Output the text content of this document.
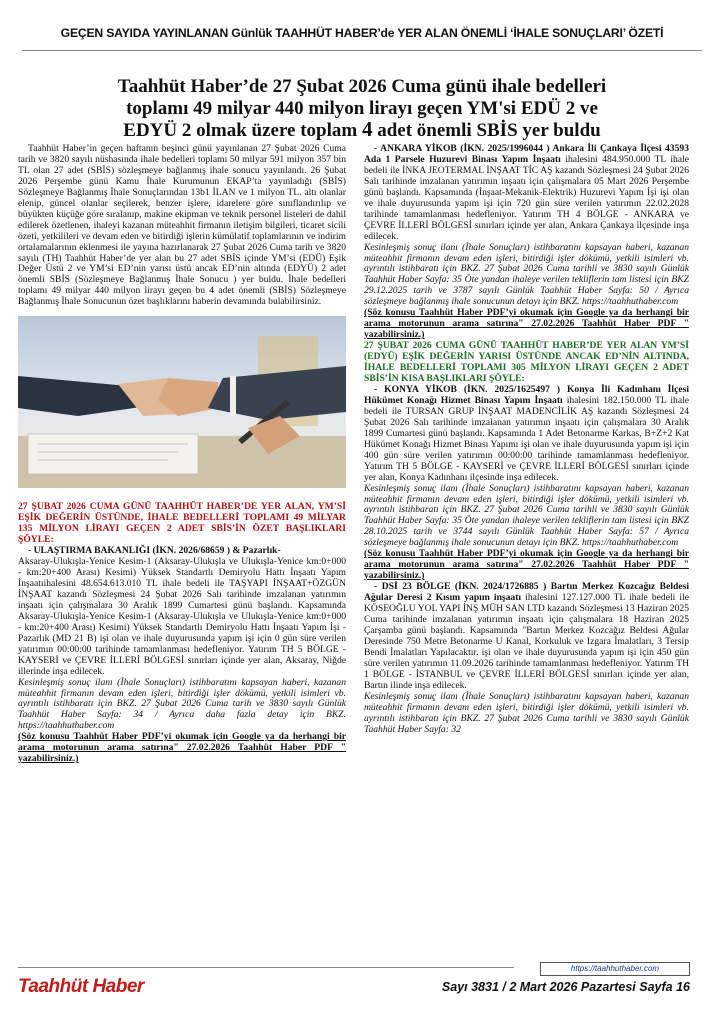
GEÇEN SAYIDA YAYINLANAN Günlük TAAHHÜT HABER’de YER ALAN ÖNEMLİ ‘İHALE SONUÇLARI’ ÖZETİ
Taahhüt Haber’de 27 Şubat 2026 Cuma günü ihale bedelleri
toplamı 49 milyar 440 milyon lirayı geçen YM'si EDÜ 2 ve
EDYÜ 2 olmak üzere toplam 4 adet önemli SBİS yer buldu

Taahhüt Haber’in geçen haftanın beşinci günü yayınlanan 27 Şubat 2026 Cuma tarih ve 3820 sayılı nüshasında ihale bedelleri toplamı 50 milyar 591 milyon 357 bin TL olan 27 adet (SBİS) sözleşmeye bağlanmış ihale sonucu yayınlandı. 26 Şubat 2026 Perşembe günü Kamu İhale Kurumunun EKAP’ta yayınladığı (SBİS) Sözleşmeye Bağlanmış İhale Sonuçlarından 13b1 İLAN ve 1 milyon TL. altı olanlar elenip, güncel olanlar seçilerek, benzer işlere, idarelere göre sınıflandırılıp ve büyükten küçüğe göre sıralanıp, makine ekipman ve teknik personel listeleri de dahil edilerek özetlenen, ihaleyi kazanan müteahhit firmanın iletişim bilgileri, ticaret sicili özeti, yetkilileri ve devam eden ve bitirdiği işlerin kümülatif toplamlarının ve indirim ortalamalarının eklenmesi ile yayına hazırlanarak 27 Şubat 2026 Cuma tarih ve 3820 sayılı (TH) Taahhüt Haber’de yer alan bu 27 adet SBİS içinde YM’si (EDÜ) Eşik Değer Üstü 2 ve YM’si ED’nin yarısı üstü ancak ED’nin altında (EDYÜ) 2 adet önemli SBİS (Sözleşmeye Bağlanmış İhale Sonucu ) yer buldu. İhale bedelleri toplamı 49 milyar 440 milyon lirayı geçen bu 4 adet önemli (SBİS) Sözleşmeye Bağlanmış İhale Sonucunun özet başlıklarını haberin devamında bulabilirsiniz.

27 ŞUBAT 2026 CUMA GÜNÜ TAAHHÜT HABER’DE YER ALAN, YM’Sİ EŞİK DEĞERİN ÜSTÜNDE, İHALE BEDELLERİ TOPLAMI 49 MİLYAR 135 MİLYON LİRAYI GEÇEN 2 ADET SBİS’İN ÖZET BAŞLIKLARI ŞÖYLE:

- ULAŞTIRMA BAKANLIĞI (İKN. 2026/68659 ) & Pazarlık-

Aksaray-Ulukışla-Yenice Kesim-1 (Aksaray-Ulukışla ve Ulukışla-Yenice km:0+000 - km:20+400 Arası) Kesimi) Yüksek Standartlı Demiryolu Hattı İnşaatı Yapım İnşaatıihalesini 48.654.613.010 TL ihale bedeli ile TAŞYAPI İNŞAAT+ÖZGÜN İNŞAAT kazandı Sözleşmesi 24 Şubat 2026 Salı tarihinde imzalanan yatırımın inşaatı için çalışmalara 30 Aralık 1899 Cumartesi günü başlandı. Kapsamında Aksaray-Ulukışla-Yenice Kesim-1 (Aksaray-Ulukışla ve Ulukışla-Yenice km:0+000 - km:20+400 Arası) Kesimi) Yüksek Standartlı Demiryolu Hattı İnşaatı Yapım İşi - Pazarlık (MD 21 B) işi olan ve ihale duyurusunda yapım işi için 0 gün süre verilen yatırımın 00:00:00 tarihinde tamamlanması hedefleniyor. Yatırım TH 5 BÖLGE - KAYSERİ ve ÇEVRE İLLERİ BÖLGESİ sınırları içinde yer alan, Aksaray, Niğde illerinde inşa edilecek.

Kesinleşmiş sonuç ilanı (İhale Sonuçları) istihbaratını kapsayan haberi, kazanan müteahhit firmanın devam eden işleri, bitirdiği işler dökümü, yetkili isimleri vb. ayrıntılı istihbaratı için BKZ. 27 Şubat 2026 Cuma tarih ve 3830 sayılı Günlük Taahhüt Haber Sayfa: 34 / Ayrıca daha fazla detay için BKZ. https://taahhuthaber.com

(Söz konusu Taahhüt Haber PDF’yi okumak için Google ya da herhangi bir arama motorunun arama satırına" 27.02.2026 Taahhüt Haber PDF " yazabilirsiniz.)

- ANKARA YİKOB (İKN. 2025/1996044 ) Ankara İli Çankaya İlçesi 43593 Ada 1 Parsele Huzurevi Binası Yapım İnşaatı ihalesini 484.950.000 TL ihale bedeli ile İNKA JEOTERMAL İNŞAAT TİC AŞ kazandı Sözleşmesi 24 Şubat 2026 Salı tarihinde imzalanan yatırımın inşaatı için çalışmalara 05 Mart 2026 Perşembe günü başlandı. Kapsamında (İnşaat-Mekanik-Elektrik) Huzurevi Yapım İşi işi olan ve ihale duyurusunda yapım işi için 720 gün süre verilen yatırımın 22.02.2028 tarihinde tamamlanması hedefleniyor. Yatırım TH 4 BÖLGE - ANKARA ve ÇEVRE İLLERİ BÖLGESİ sınırları içinde yer alan, Ankara Çankaya ilçesinde inşa edilecek.

Kesinleşmiş sonuç ilanı (İhale Sonuçları) istihbaratını kapsayan haberi, kazanan müteahhit firmanın devam eden işleri, bitirdiği işler dökümü, yetkili isimleri vb. ayrıntılı istihbaratı için BKZ. 27 Şubat 2026 Cuma tarihli ve 3830 sayılı Günlük Taahhüt Haber Sayfa: 35 Öte yandan ihaleye verilen tekliflerin tam listesi için BKZ 29.12.2025 tarih ve 3787 sayılı Günlük Taahhüt Haber Sayfa: 50 / Ayrıca sözleşmeye bağlanmış ihale sonucunun detayı için BKZ. https://taahhuthaber.com

(Söz konusu Taahhüt Haber PDF’yi okumak için Google ya da herhangi bir arama motorunun arama satırına" 27.02.2026 Taahhüt Haber PDF " yazabilirsiniz.)

27 ŞUBAT 2026 CUMA GÜNÜ TAAHHÜT HABER’DE YER ALAN YM’Sİ (EDYÜ) EŞİK DEĞERİN YARISI ÜSTÜNDE ANCAK ED’NİN ALTINDA, İHALE BEDELLERİ TOPLAMI 305 MİLYON LİRAYI GEÇEN 2 ADET SBİS’İN KISA BAŞLIKLARI ŞÖYLE:

- KONYA YİKOB (İKN. 2025/1625497 ) Konya İli Kadınhanı İlçesi Hükümet Konağı Hizmet Binası Yapım İnşaatı ihalesini 182.150.000 TL ihale bedeli ile TURSAN GRUP İNŞAAT MADENCİLİK AŞ kazandı Sözleşmesi 24 Şubat 2026 Salı tarihinde imzalanan yatırımın inşaatı için çalışmalara 30 Aralık 1899 Cumartesi günü başlandı. Kapsamında 1 Adet Betonarme Karkas, B+Z+2 Kat Hükümet Konağı Hizmet Binası Yapımı işi olan ve ihale duyurusunda yapım işi için 400 gün süre verilen yatırımın 00:00:00 tarihinde tamamlanması hedefleniyor. Yatırım TH 5 BÖLGE - KAYSERİ ve ÇEVRE İLLERİ BÖLGESİ sınırları içinde yer alan, Konya Kadınhanı ilçesinde inşa edilecek.

Kesinleşmiş sonuç ilanı (İhale Sonuçları) istihbaratını kapsayan haberi, kazanan müteahhit firmanın devam eden işleri, bitirdiği işler dökümü, yetkili isimleri vb. ayrıntılı istihbaratı için BKZ. 27 Şubat 2026 Cuma tarihli ve 3830 sayılı Günlük Taahhüt Haber Sayfa: 35 Öte yandan ihaleye verilen tekliflerin tam listesi için BKZ 28.10.2025 tarih ve 3744 sayılı Günlük Taahhüt Haber Sayfa: 57 / Ayrıca sözleşmeye bağlanmış ihale sonucunun detayı için BKZ. https://taahhuthaber.com

(Söz konusu Taahhüt Haber PDF’yi okumak için Google ya da herhangi bir arama motorunun arama satırına" 27.02.2026 Taahhüt Haber PDF " yazabilirsiniz.)

- DSİ 23 BÖLGE (İKN. 2024/1726885 ) Bartın Merkez Kozcağız Beldesi Ağular Deresi 2 Kısım yapım inşaatı ihalesini 127.127.000 TL ihale bedeli ile KÖSEOĞLU YOL YAPI İNŞ MÜH SAN LTD kazandı Sözleşmesi 13 Haziran 2025 Cuma tarihinde imzalanan yatırımın inşaatı için çalışmalara 18 Haziran 2025 Çarşamba günü başlandı. Kapsamında "Bartın Merkez Kozcağız Beldesi Ağular Deresinde 750 Metre Betonarme U Kanal, Korkuluk ve Izgara İmalatları, 3 Tersip Bendi İmalatları Yapılacaktır. işi olan ve ihale duyurusunda yapım işi için 450 gün süre verilen yatırımın 11.09.2026 tarihinde tamamlanması hedefleniyor. Yatırım TH 1 BÖLGE - İSTANBUL ve ÇEVRE İLLERİ BÖLGESİ sınırları içinde yer alan, Bartın ilinde inşa edilecek.

Kesinleşmiş sonuç ilanı (İhale Sonuçları) istihbaratını kapsayan haberi, kazanan müteahhit firmanın devam eden işleri, bitirdiği işler dökümü, yetkili isimleri vb. ayrıntılı istihbaratı için BKZ. 27 Şubat 2026 Cuma tarihli ve 3830 sayılı Günlük Taahhüt Haber Sayfa: 32

https://taahhuthaber.com
Taahhüt Haber	Sayı 3831 / 2 Mart 2026 Pazartesi Sayfa 16
